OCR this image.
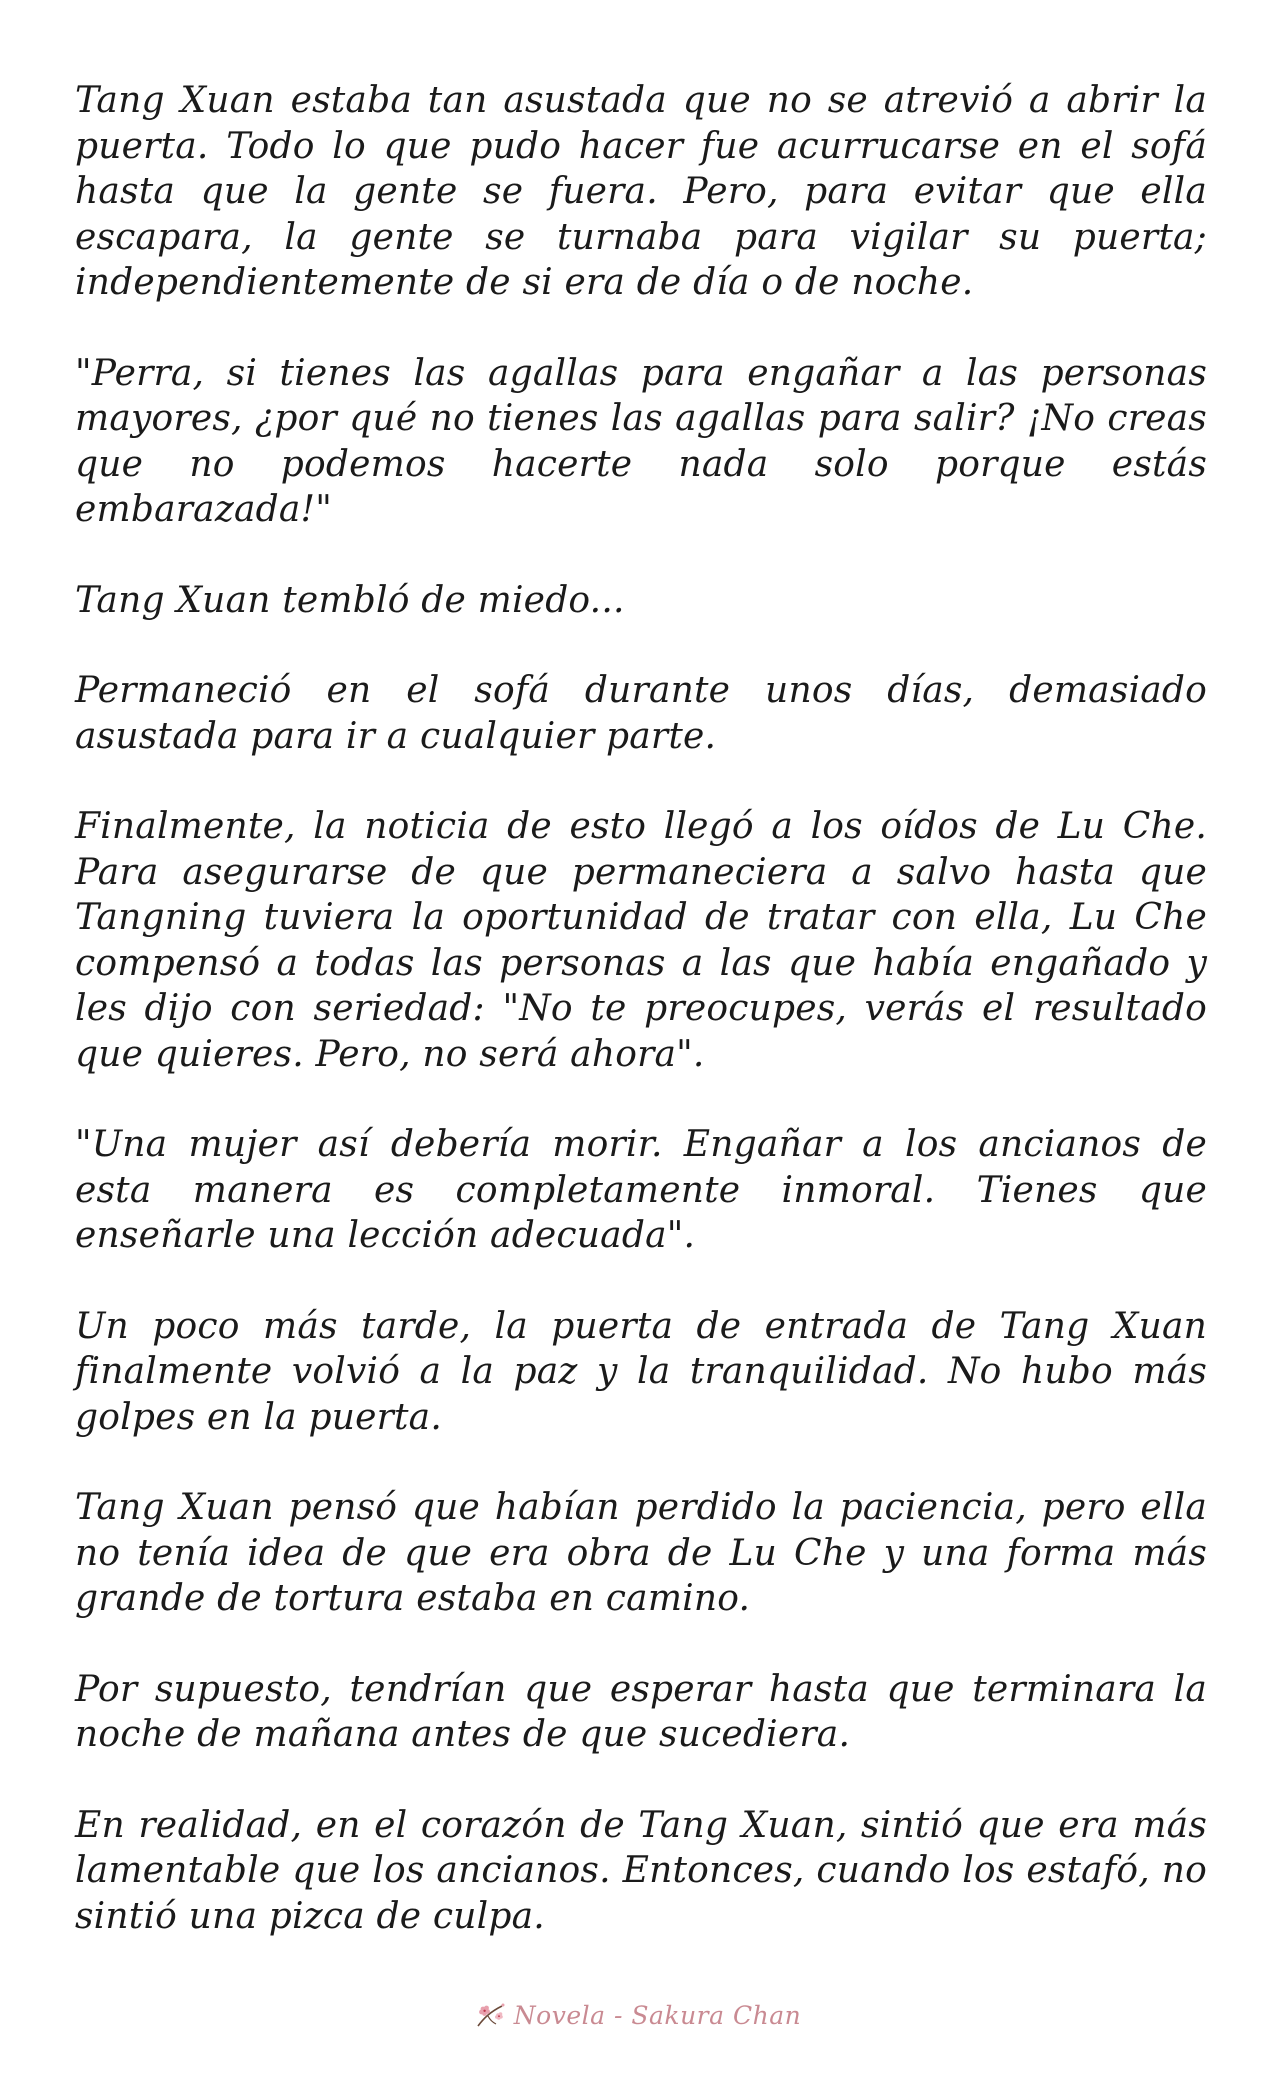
Tang Xuan estaba tan asustada que no se atrevió a abrir la puerta. Todo lo que pudo hacer fue acurrucarse en el sofá hasta que la gente se fuera. Pero, para evitar que ella escapara, la gente se turnaba para vigilar su puerta; independientemente de si era de día o de noche.

"Perra, si tienes las agallas para engañar a las personas mayores, ¿por qué no tienes las agallas para salir? ¡No creas que no podemos hacerte nada solo porque estás embarazada!"

Tang Xuan tembló de miedo...

Permaneció en el sofá durante unos días, demasiado asustada para ir a cualquier parte.

Finalmente, la noticia de esto llegó a los oídos de Lu Che. Para asegurarse de que permaneciera a salvo hasta que Tangning tuviera la oportunidad de tratar con ella, Lu Che compensó a todas las personas a las que había engañado y les dijo con seriedad: "No te preocupes, verás el resultado que quieres. Pero, no será ahora".

"Una mujer así debería morir. Engañar a los ancianos de esta manera es completamente inmoral. Tienes que enseñarle una lección adecuada".

Un poco más tarde, la puerta de entrada de Tang Xuan finalmente volvió a la paz y la tranquilidad. No hubo más golpes en la puerta.

Tang Xuan pensó que habían perdido la paciencia, pero ella no tenía idea de que era obra de Lu Che y una forma más grande de tortura estaba en camino.

Por supuesto, tendrían que esperar hasta que terminara la noche de mañana antes de que sucediera.

En realidad, en el corazón de Tang Xuan, sintió que era más lamentable que los ancianos. Entonces, cuando los estafó, no sintió una pizca de culpa.

Novela - Sakura Chan
